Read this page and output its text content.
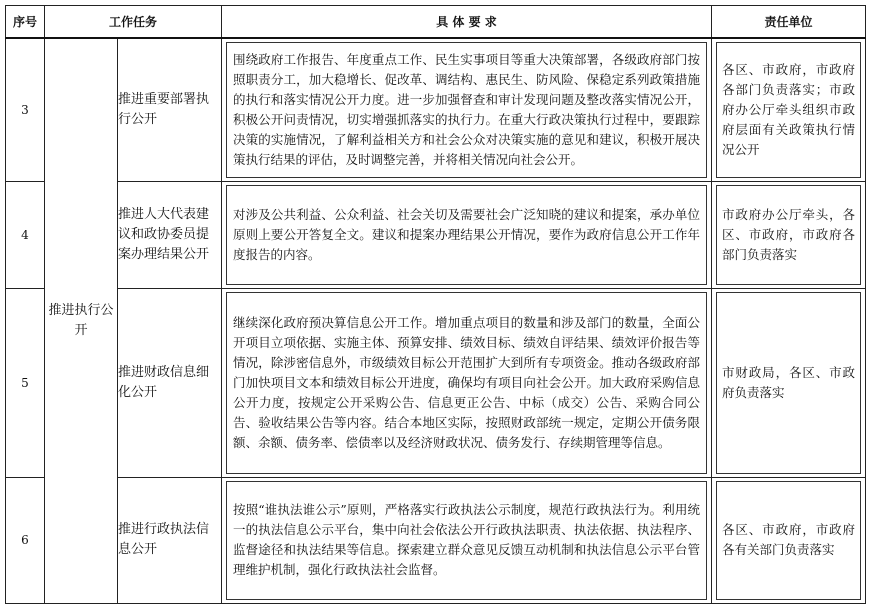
序号	工作任务		具 体 要 求	责任单位
3	推进执行公开	推进重要部署执行公开	围绕政府工作报告、年度重点工作、民生实事项目等重大决策部署，各级政府部门按照职责分工，加大稳增长、促改革、调结构、惠民生、防风险、保稳定系列政策措施的执行和落实情况公开力度。进一步加强督查和审计发现问题及整改落实情况公开，积极公开问责情况，切实增强抓落实的执行力。在重大行政决策执行过程中，要跟踪决策的实施情况，了解利益相关方和社会公众对决策实施的意见和建议，积极开展决策执行结果的评估，及时调整完善，并将相关情况向社会公开。	各区、市政府，市政府各部门负责落实；市政府办公厅牵头组织市政府层面有关政策执行情况公开

4		推进人大代表建议和政协委员提案办理结果公开	对涉及公共利益、公众利益、社会关切及需要社会广泛知晓的建议和提案，承办单位原则上要公开答复全文。建议和提案办理结果公开情况，要作为政府信息公开工作年度报告的内容。	市政府办公厅牵头，各区、市政府，市政府各部门负责落实

5		推进财政信息细化公开	继续深化政府预决算信息公开工作。增加重点项目的数量和涉及部门的数量，全面公开项目立项依据、实施主体、预算安排、绩效目标、绩效自评结果、绩效评价报告等情况，除涉密信息外，市级绩效目标公开范围扩大到所有专项资金。推动各级政府部门加快项目文本和绩效目标公开进度，确保均有项目向社会公开。加大政府采购信息公开力度，按规定公开采购公告、信息更正公告、中标（成交）公告、采购合同公告、验收结果公告等内容。结合本地区实际，按照财政部统一规定，定期公开债务限额、余额、债务率、偿债率以及经济财政状况、债务发行、存续期管理等信息。	市财政局，各区、市政府负责落实

6		推进行政执法信息公开	按照“谁执法谁公示”原则，严格落实行政执法公示制度，规范行政执法行为。利用统一的执法信息公示平台，集中向社会依法公开行政执法职责、执法依据、执法程序、监督途径和执法结果等信息。探索建立群众意见反馈互动机制和执法信息公示平台管理维护机制，强化行政执法社会监督。	各区、市政府，市政府各有关部门负责落实
